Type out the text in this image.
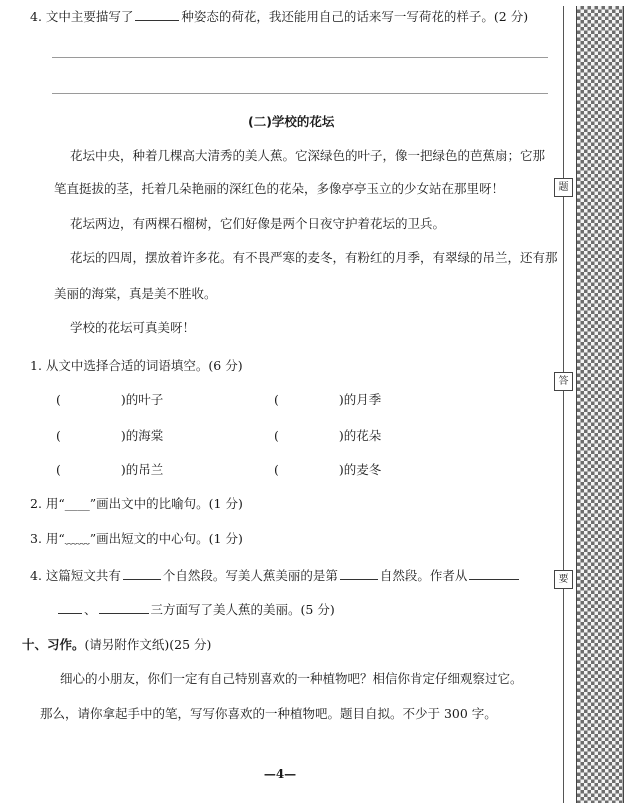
4. 文中主要描写了	种姿态的荷花，我还能用自己的话来写一写荷花的样子。(2 分)
(二)学校的花坛
花坛中央，种着几棵高大清秀的美人蕉。它深绿色的叶子，像一把绿色的芭蕉扇；它那
笔直挺拔的茎，托着几朵艳丽的深红色的花朵，多像亭亭玉立的少女站在那里呀！
花坛两边，有两棵石榴树，它们好像是两个日夜守护着花坛的卫兵。
花坛的四周，摆放着许多花。有不畏严寒的麦冬，有粉红的月季，有翠绿的吊兰，还有那
美丽的海棠，真是美不胜收。
学校的花坛可真美呀！
1. 从文中选择合适的词语填空。(6 分)
(	)的叶子	(	)的月季
(	)的海棠	(	)的花朵
(	)的吊兰	(	)的麦冬
2. 用“____”画出文中的比喻句。(1 分)
3. 用“﹏﹏”画出短文的中心句。(1 分)
4. 这篇短文共有	个自然段。写美人蕉美丽的是第	自然段。作者从
、	三方面写了美人蕉的美丽。(5 分)
十、习作。(请另附作文纸)(25 分)
细心的小朋友，你们一定有自己特别喜欢的一种植物吧？相信你肯定仔细观察过它。
那么，请你拿起手中的笔，写写你喜欢的一种植物吧。题目自拟。不少于 300 字。
—4—
题
答
要
